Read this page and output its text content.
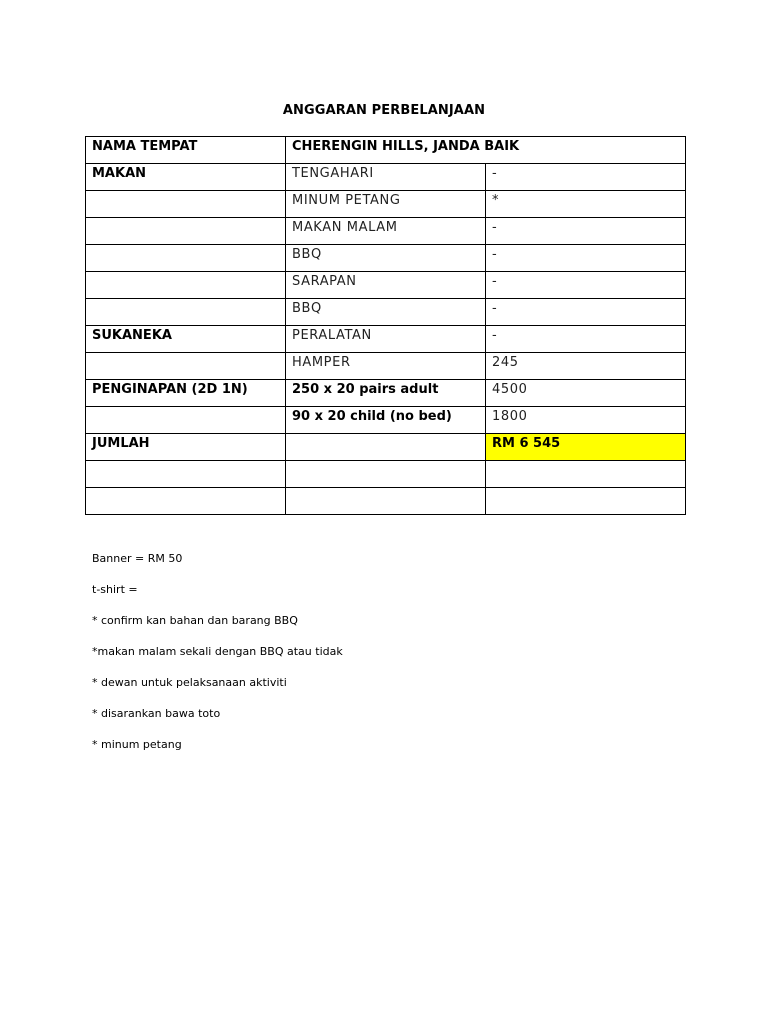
ANGGARAN PERBELANJAAN
NAMA TEMPAT	CHERENGIN HILLS, JANDA BAIK	
MAKAN	TENGAHARI	-
	MINUM PETANG	*
	MAKAN MALAM	-
	BBQ	-
	SARAPAN	-
	BBQ	-
SUKANEKA	PERALATAN	-
	HAMPER	245
PENGINAPAN (2D 1N)	250 x 20 pairs adult	4500
	90 x 20 child (no bed)	1800
JUMLAH		RM 6 545

Banner = RM 50
t-shirt =
* confirm kan bahan dan barang BBQ
*makan malam sekali dengan BBQ atau tidak
* dewan untuk pelaksanaan aktiviti
* disarankan bawa toto
* minum petang
